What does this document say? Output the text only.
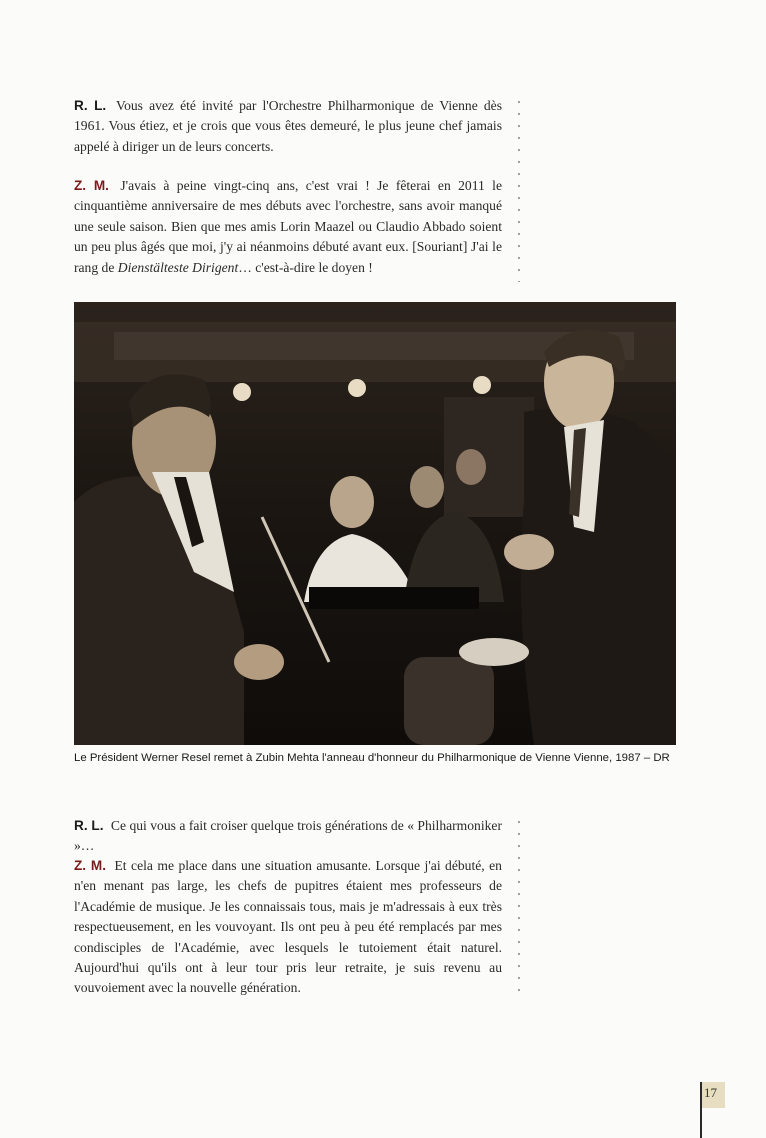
R. L. Vous avez été invité par l'Orchestre Philharmonique de Vienne dès 1961. Vous étiez, et je crois que vous êtes demeuré, le plus jeune chef jamais appelé à diriger un de leurs concerts.

Z. M. J'avais à peine vingt-cinq ans, c'est vrai ! Je fêterai en 2011 le cinquantième anniversaire de mes débuts avec l'orchestre, sans avoir manqué une seule saison. Bien que mes amis Lorin Maazel ou Claudio Abbado soient un peu plus âgés que moi, j'y ai néanmoins débuté avant eux. [Souriant] J'ai le rang de Dienstälteste Dirigent… c'est-à-dire le doyen !

Le Président Werner Resel remet à Zubin Mehta l'anneau d'honneur du Philharmonique de Vienne Vienne, 1987 – DR

R. L. Ce qui vous a fait croiser quelque trois générations de « Philharmoniker »…

Z. M. Et cela me place dans une situation amusante. Lorsque j'ai débuté, en n'en menant pas large, les chefs de pupitres étaient mes professeurs de l'Académie de musique. Je les connaissais tous, mais je m'adressais à eux très respectueusement, en les vouvoyant. Ils ont peu à peu été remplacés par mes condisciples de l'Académie, avec lesquels le tutoiement était naturel. Aujourd'hui qu'ils ont à leur tour pris leur retraite, je suis revenu au vouvoiement avec la nouvelle génération.

17
